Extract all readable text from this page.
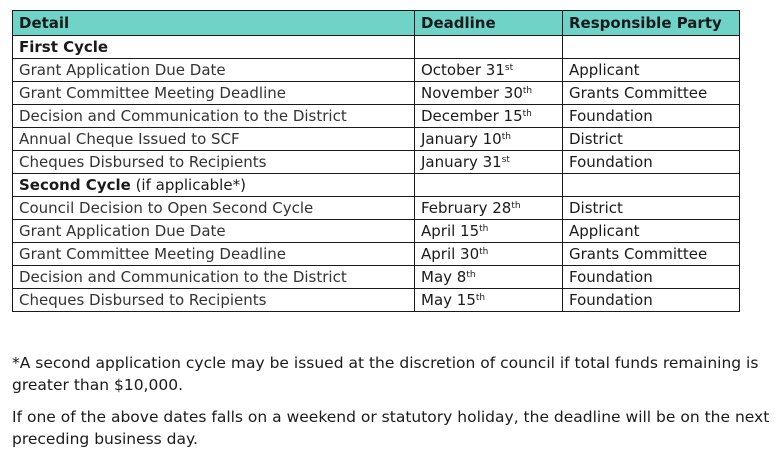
Detail	Deadline	Responsible Party
First Cycle		
Grant Application Due Date	October 31st	Applicant
Grant Committee Meeting Deadline	November 30th	Grants Committee
Decision and Communication to the District	December 15th	Foundation
Annual Cheque Issued to SCF	January 10th	District
Cheques Disbursed to Recipients	January 31st	Foundation
Second Cycle (if applicable*)		
Council Decision to Open Second Cycle	February 28th	District
Grant Application Due Date	April 15th	Applicant
Grant Committee Meeting Deadline	April 30th	Grants Committee
Decision and Communication to the District	May 8th	Foundation
Cheques Disbursed to Recipients	May 15th	Foundation

*A second application cycle may be issued at the discretion of council if total funds remaining is greater than $10,000.

If one of the above dates falls on a weekend or statutory holiday, the deadline will be on the next preceding business day.
